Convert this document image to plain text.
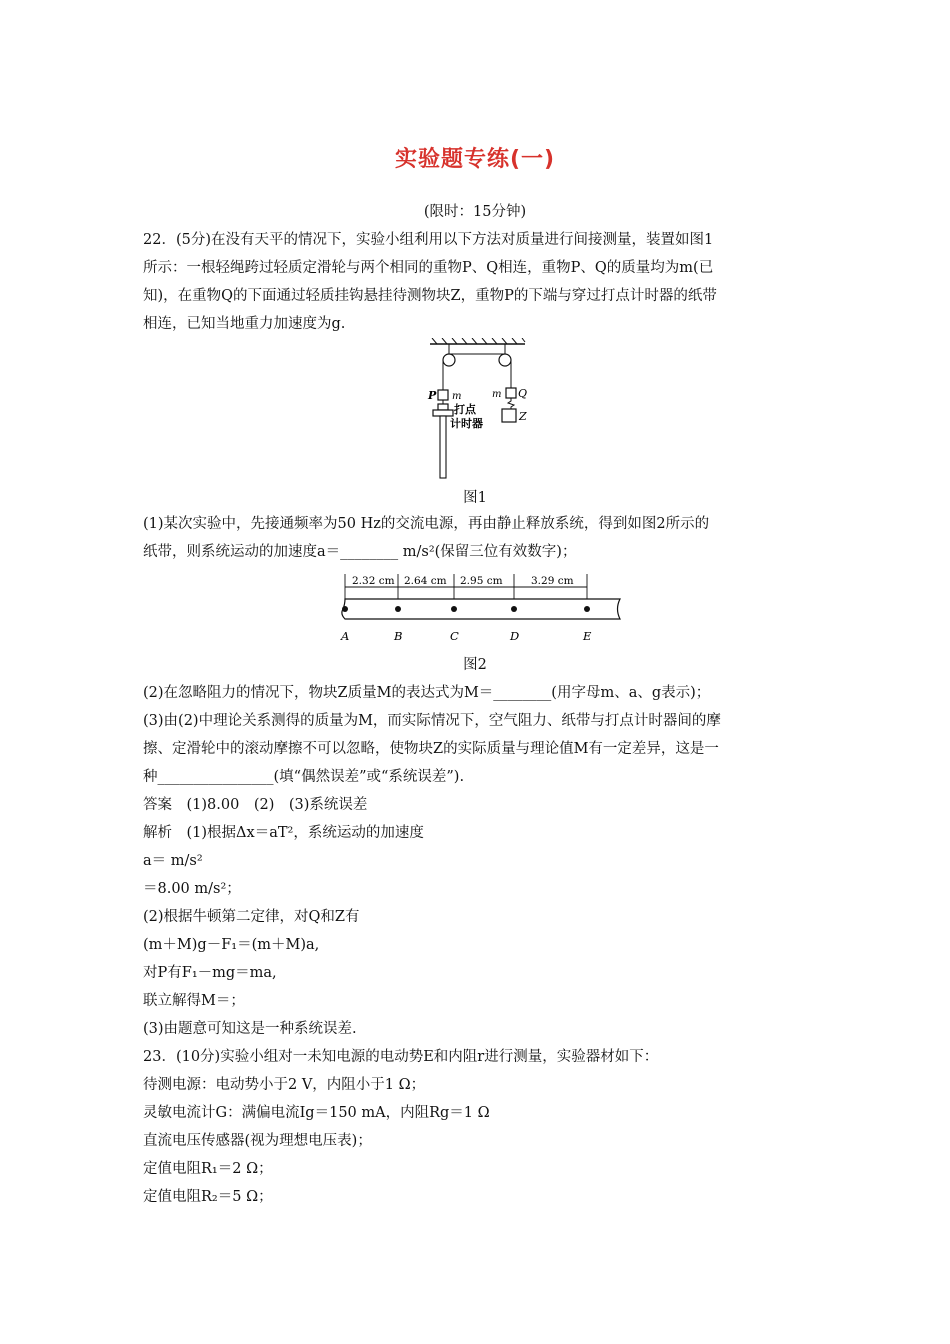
实验题专练(一)
(限时：15分钟)
22．(5分)在没有天平的情况下，实验小组利用以下方法对质量进行间接测量，装置如图1
所示：一根轻绳跨过轻质定滑轮与两个相同的重物P、Q相连，重物P、Q的质量均为m(已
知)，在重物Q的下面通过轻质挂钩悬挂待测物块Z，重物P的下端与穿过打点计时器的纸带
相连，已知当地重力加速度为g.
P m	m Q
Z
打点
计时器
图1
(1)某次实验中，先接通频率为50 Hz的交流电源，再由静止释放系统，得到如图2所示的
纸带，则系统运动的加速度a＝________ m/s²(保留三位有效数字)；
2.32 cm 2.64 cm 2.95 cm	3.29 cm
A	B	C	D	E
图2
(2)在忽略阻力的情况下，物块Z质量M的表达式为M＝________(用字母m、a、g表示)；
(3)由(2)中理论关系测得的质量为M，而实际情况下，空气阻力、纸带与打点计时器间的摩
擦、定滑轮中的滚动摩擦不可以忽略，使物块Z的实际质量与理论值M有一定差异，这是一
种________________(填“偶然误差”或“系统误差”).
答案　(1)8.00　(2)　(3)系统误差
解析　(1)根据Δx＝aT²，系统运动的加速度
a＝ m/s²
＝8.00 m/s²；
(2)根据牛顿第二定律，对Q和Z有
(m＋M)g－F₁＝(m＋M)a,
对P有F₁－mg＝ma,
联立解得M＝；
(3)由题意可知这是一种系统误差.
23．(10分)实验小组对一未知电源的电动势E和内阻r进行测量，实验器材如下：
待测电源：电动势小于2 V，内阻小于1 Ω；
灵敏电流计G：满偏电流Ig＝150 mA，内阻Rg＝1 Ω
直流电压传感器(视为理想电压表)；
定值电阻R₁＝2 Ω；
定值电阻R₂＝5 Ω；
